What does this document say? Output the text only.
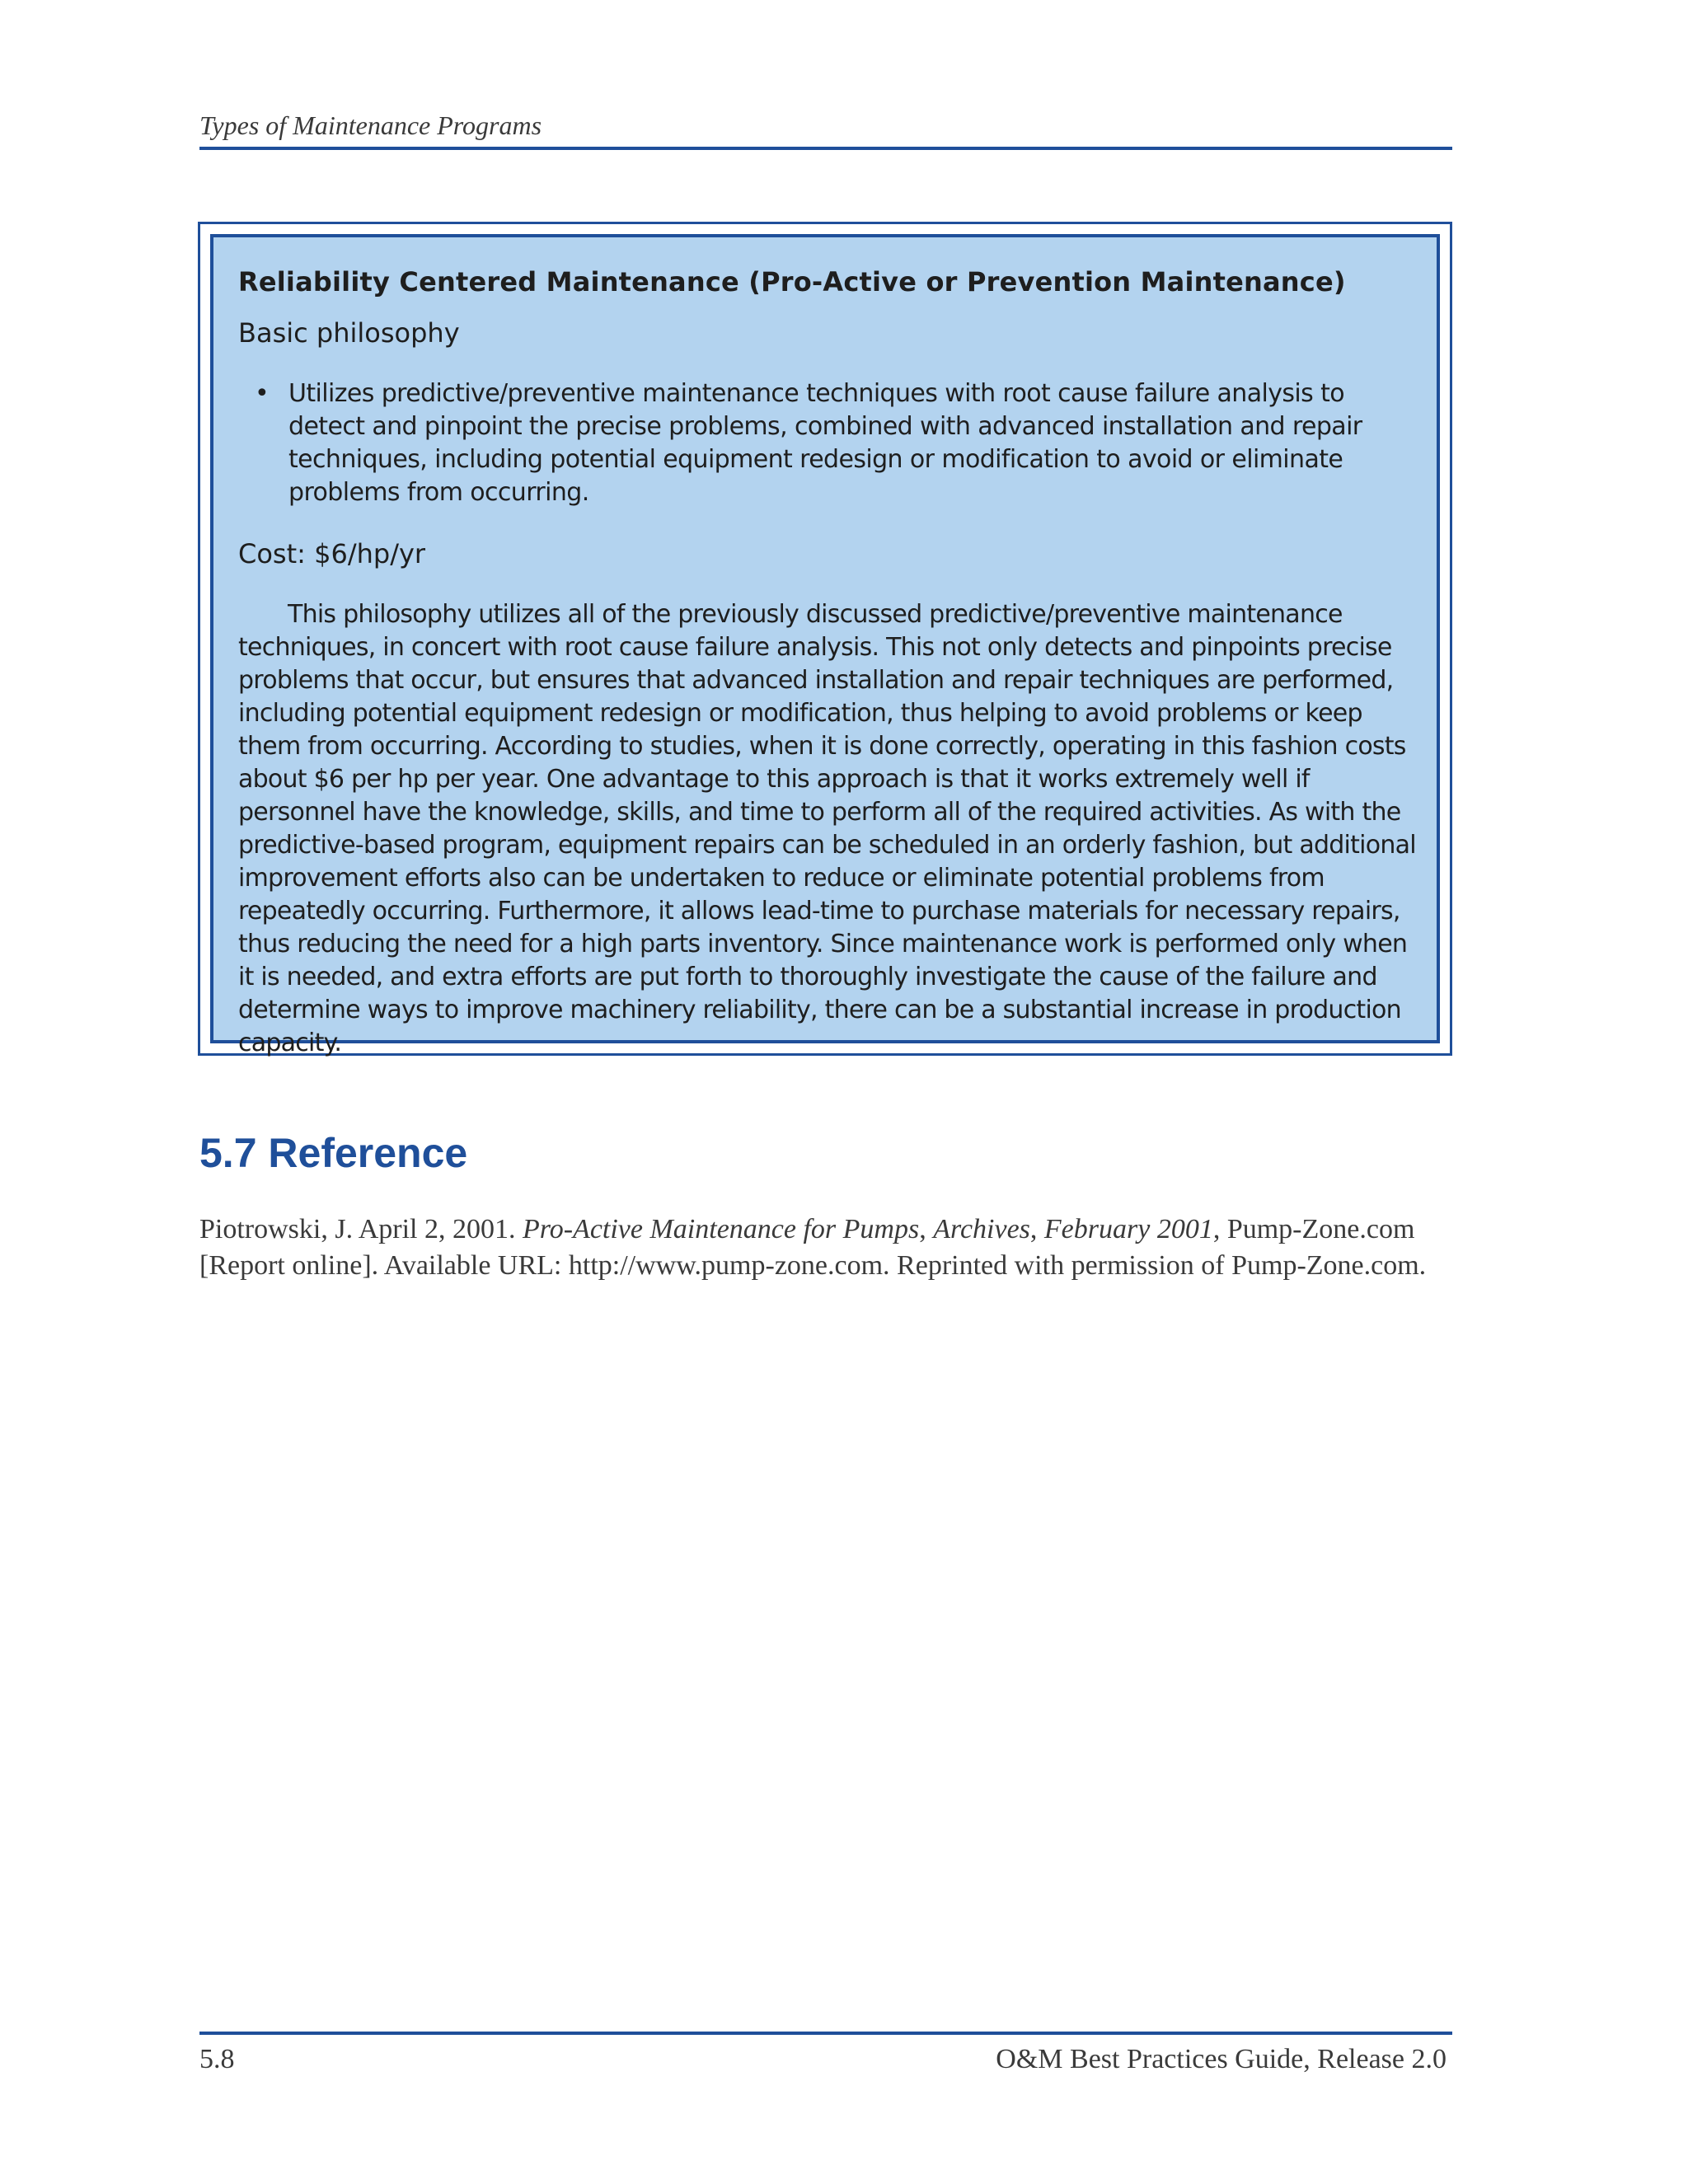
Types of Maintenance Programs

Reliability Centered Maintenance (Pro-Active or Prevention Maintenance)

Basic philosophy

• Utilizes predictive/preventive maintenance techniques with root cause failure analysis to detect and pinpoint the precise problems, combined with advanced installation and repair techniques, including potential equipment redesign or modification to avoid or eliminate problems from occurring.

Cost: $6/hp/yr

This philosophy utilizes all of the previously discussed predictive/preventive maintenance techniques, in concert with root cause failure analysis. This not only detects and pinpoints precise problems that occur, but ensures that advanced installation and repair techniques are performed, including potential equipment redesign or modification, thus helping to avoid problems or keep them from occurring. According to studies, when it is done correctly, operating in this fashion costs about $6 per hp per year. One advantage to this approach is that it works extremely well if personnel have the knowledge, skills, and time to perform all of the required activities. As with the predictive-based program, equipment repairs can be scheduled in an orderly fashion, but additional improvement efforts also can be undertaken to reduce or eliminate potential problems from repeatedly occurring. Furthermore, it allows lead-time to purchase materials for necessary repairs, thus reducing the need for a high parts inventory. Since maintenance work is performed only when it is needed, and extra efforts are put forth to thoroughly investigate the cause of the failure and determine ways to improve machinery reliability, there can be a substantial increase in production capacity.

5.7 Reference

Piotrowski, J. April 2, 2001. Pro-Active Maintenance for Pumps, Archives, February 2001, Pump-Zone.com [Report online]. Available URL: http://www.pump-zone.com. Reprinted with permission of Pump-Zone.com.

5.8	O&M Best Practices Guide, Release 2.0
